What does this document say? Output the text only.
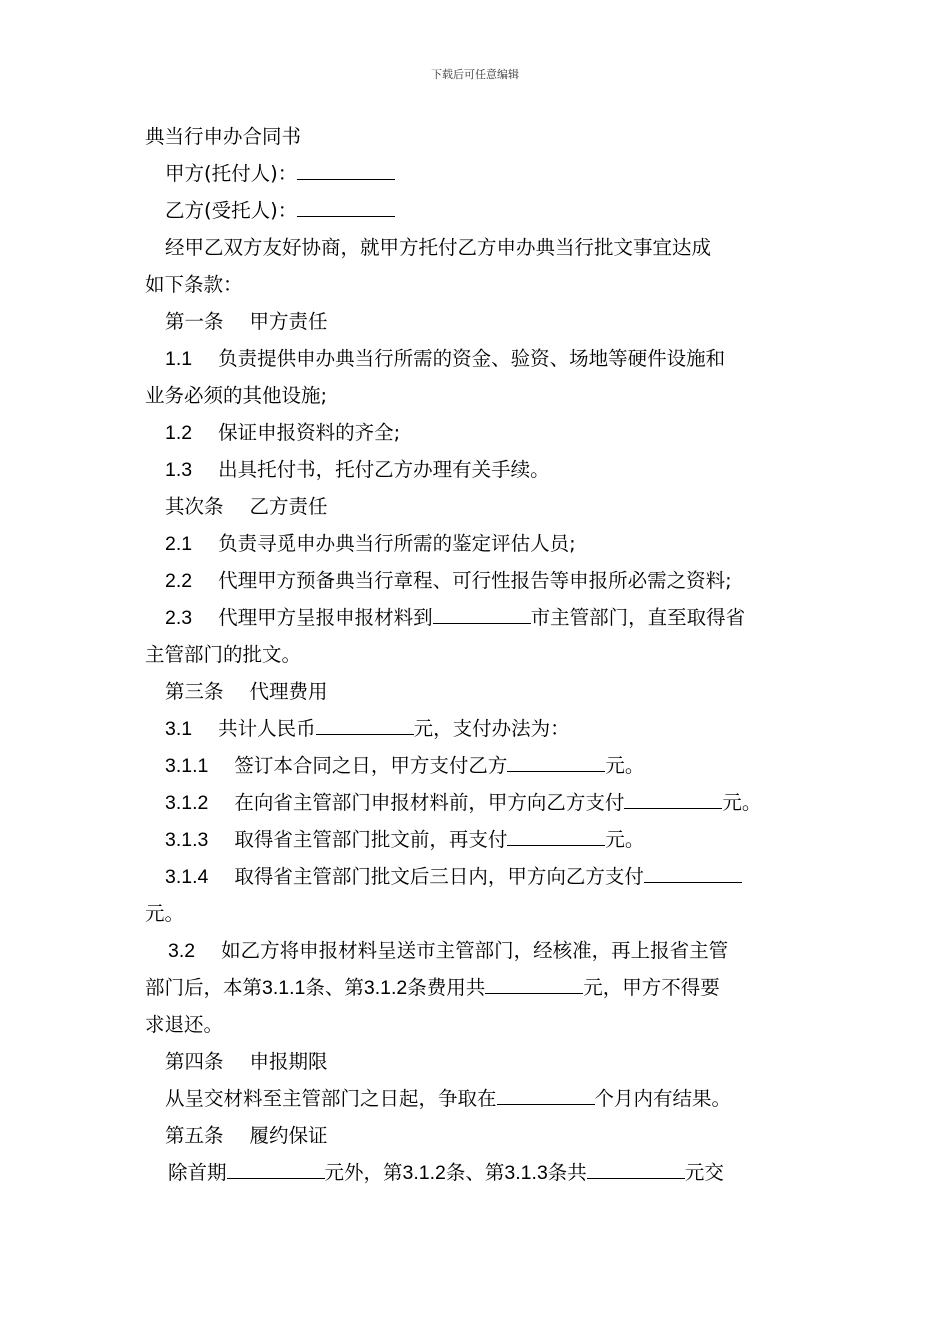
下载后可任意编辑
典当行申办合同书
甲方(托付人)：
乙方(受托人)：
经甲乙双方友好协商，就甲方托付乙方申办典当行批文事宜达成
如下条款：
第一条 甲方责任
1.1 负责提供申办典当行所需的资金、验资、场地等硬件设施和
业务必须的其他设施;
1.2 保证申报资料的齐全;
1.3 出具托付书，托付乙方办理有关手续。
其次条 乙方责任
2.1 负责寻觅申办典当行所需的鉴定评估人员;
2.2 代理甲方预备典当行章程、可行性报告等申报所必需之资料;
2.3 代理甲方呈报申报材料到	市主管部门，直至取得省
主管部门的批文。
第三条 代理费用
3.1 共计人民币	元，支付办法为：
3.1.1 签订本合同之日，甲方支付乙方	元。
3.1.2 在向省主管部门申报材料前，甲方向乙方支付	元。
3.1.3 取得省主管部门批文前，再支付	元。
3.1.4 取得省主管部门批文后三日内，甲方向乙方支付
元。
3.2 如乙方将申报材料呈送市主管部门，经核准，再上报省主管
部门后，本第3.1.1条、第3.1.2条费用共	元，甲方不得要
求退还。
第四条 申报期限
从呈交材料至主管部门之日起，争取在	个月内有结果。
第五条 履约保证
除首期	元外，第3.1.2条、第3.1.3条共	元交
